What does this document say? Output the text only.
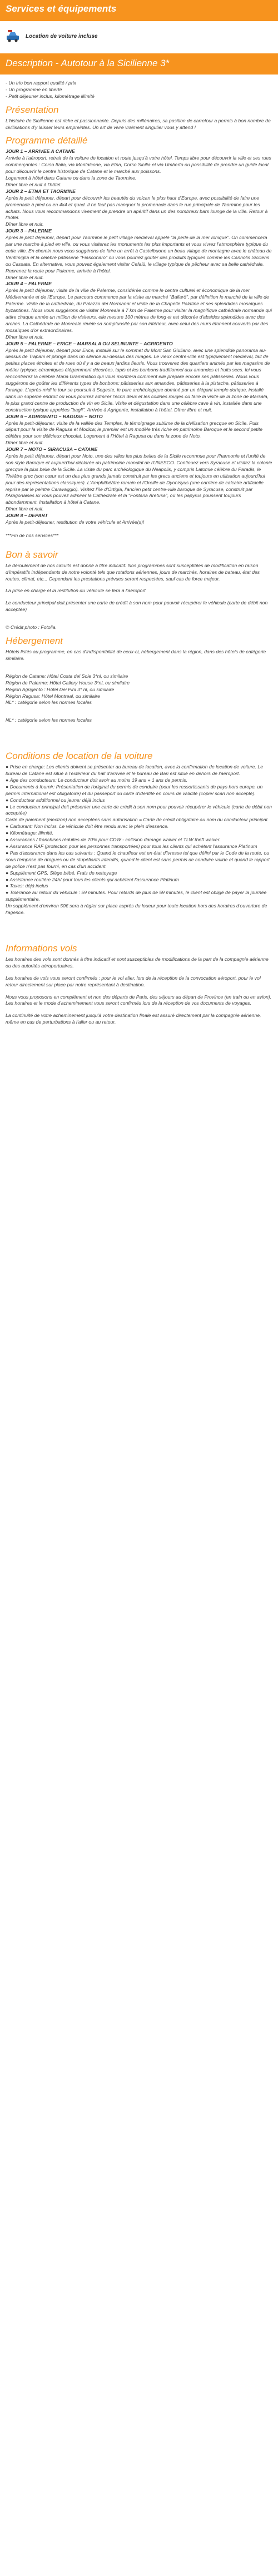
Services et équipements
Location de voiture incluse
Description - Autotour à la Sicilienne 3*

- Un trio bon rapport qualité / prix

- Un programme en liberté

- Petit déjeuner inclus, kilométrage illimité

Présentation

L'histoire de Sicilienne est riche et passionnante. Depuis des millénaires, sa position de carrefour a permis à bon nombre de civilisations d'y laisser leurs empreintes. Un art de vivre vraiment singulier vous y attend !

Programme détaillé

JOUR 1 – ARRIVEE A CATANE

Arrivée à l'aéroport, retrait de la voiture de location et route jusqu'à votre hôtel. Temps libre pour découvrir la ville et ses rues commerçantes : Corso Italia, via Montalcone, via Etna, Corso Sicilia et via Umberto ou possibilité de prendre un guide local pour découvrir le centre historique de Catane et le marché aux poissons.
Logement à hôtel dans Catane ou dans la zone de Taormine.
Dîner libre et nuit à l'hôtel.

JOUR 2 – ETNA ET TAORMINE

Après le petit déjeuner, départ pour découvrir les beautés du volcan le plus haut d'Europe, avec possibilité de faire une promenade à pied ou en 4x4 et quad. Il ne faut pas manquer la promenade dans le rue principale de Taormine pour les achats. Nous vous recommandons vivement de prendre un apéritif dans un des nombreux bars lounge de la ville. Retour à l'hôtel.
Dîner libre et nuit.

JOUR 3 – PALERME

Après le petit déjeuner, départ pour Taormine le petit village médiéval appelé "la perle de la mer Ionique". On commencera par une marche à pied en ville, ou vous visiterez les monuments les plus importants et vous vivrez l'atmosphère typique du cette ville. En chemin nous vous suggérons de faire un arrêt à Castelbuono un beau village de montagne avec le château de Ventimiglia et la célèbre pâtisserie "Fiasconaro" où vous pourrez goûter des produits typiques comme les Cannolis Siciliens ou Cassata. En alternative, vous pouvez également visiter Cefalù, le village typique de pêcheur avec sa belle cathédrale. Reprenez la route pour Palerme, arrivée à l'hôtel.
Dîner libre et nuit.

JOUR 4 – PALERME

Après le petit déjeuner, visite de la ville de Palerme, considérée comme le centre culturel et économique de la mer Méditerranée et de l'Europe. Le parcours commence par la visite au marché "Ballarò", par définition le marché de la ville de Palerme. Visite de la cathédrale, du Palazzo dei Normanni et visite de la Chapelle Palatine et ses splendides mosaïques byzantines. Nous vous suggérons de visiter Monreale à 7 km de Palerme pour visiter la magnifique cathédrale normande qui attire chaque année un million de visiteurs, elle mesure 100 mètres de long et est décorée d'absides splendides avec des arches. La Cathédrale de Monreale révèle sa somptuosité par son intérieur, avec celui des murs étonnent couverts par des mosaïques d'or extraordinaires.
Dîner libre et nuit.

JOUR 5 – PALERME – ERICE – MARSALA OU SELINUNTE – AGRIGENTO

Après le petit déjeuner, départ pour Erice, installé sur le sommet du Mont San Giuliano, avec une splendide panorama au-dessus de Trapani et plongé dans un silence au-dessus des nuages. Le vieux centre-ville est typiquement médiéval, fait de petites places étroites et de rues où il y a de beaux jardins fleuris. Vous trouverez des quartiers animés par les magasins de métier typique: céramiques élégamment décorées, tapis et les bonbons traditionnel aux amandes et fruits secs. Ici vous rencontrerez la célèbre Maria Grammatico qui vous montrera comment elle prépare encore ses pâtisseries. Nous vous suggérons de goûter les différents types de bonbons: pâtisseries aux amandes, pâtisseries à la pistache, pâtisseries à l'orange. L'après-midi le tour se poursuit à Segeste, le parc archéologique dominé par un élégant temple dorique, installé dans un superbe endroit où vous pourrez admirer l'écrin deux et les collines rouges où faire la visite de la zone de Marsala, le plus grand centre de production de vin en Sicile. Visite et dégustation dans une célèbre cave à vin, installée dans une construction typique appelées "bagli". Arrivée à Agrigente, installation à l'hôtel. Dîner libre et nuit.

JOUR 6 – AGRIGENTO – RAGUSE – NOTO

Après le petit-déjeuner, visite de la vallée des Temples, le témoignage sublime de la civilisation grecque en Sicile. Puis départ pour la visite de Ragusa et Modica; le premier est un modèle très riche en patrimoine Baroque et le second petite célèbre pour son délicieux chocolat. Logement à l'Hôtel à Ragusa ou dans la zone de Noto.
Dîner libre et nuit.

JOUR 7 – NOTO – SIRACUSA – CATANE

Après le petit déjeuner, départ pour Noto, une des villes les plus belles de la Sicile reconnnue pour l'harmonie et l'unité de son style Baroque et aujourd'hui déclarée du patrimoine mondial de l'UNESCO. Continuez vers Syracuse et visitez la colonie grecque la plus belle de la Sicile. La visite du parc archéologique du Neapolis, y compris Latomie célèbre du Paradis, le Théâtre grec (son cœur est un des plus grands jamais construit par les grecs anciens et toujours en utilisation aujourd'hui pour des représentations classiques). L'Amphithéâtre romain et l'Oreille de Dyonisyus (une carrière de calcaire artificielle reprise par le peintre Caravaggio). Visitez l'île d'Ortigia, l'ancien petit centre-ville baroque de Syracuse, construit par l'Aragonaises ici vous pouvez admirer la Cathédrale et la "Fontana Aretusa", où les papyrus poussent toujours abondamment. Installation à hôtel à Catane.
Dîner libre et nuit.

JOUR 8 – DEPART

Après le petit-déjeuner, restitution de votre véhicule et Arrivée(s)!

***Fin de nos services***

Bon à savoir

Le déroulement de nos circuits est donné à titre indicatif. Nos programmes sont susceptibles de modification en raison d'impératifs indépendants de notre volonté tels que rotations aériennes, jours de marchés, horaires de bateau, état des routes, climat, etc... Cependant les prestations prévues seront respectées, sauf cas de force majeur.

La prise en charge et la restitution du véhicule se fera à l'aéroport

Le conducteur principal doit présenter une carte de crédit à son nom pour pouvoir récupérer le véhicule (carte de débit non acceptée)

© Crédit photo : Fotolia.

Hébergement

Hôtels listés au programme, en cas d'indisponibilité de ceux-ci, hébergement dans la région, dans des hôtels de catégorie similaire.

Région de Catane: Hôtel Costa del Sole 3*nl, ou similaire

Région de Palerme: Hôtel Gallery House 3*nl, ou similaire

Région Agrigento : Hôtel Dei Pini 3* nl, ou similaire

Région Ragusa: Hôtel Montreal, ou similaire

NL* : catégorie selon les normes locales

NL* : catégorie selon les normes locales

Conditions de location de la voiture

● Prise en charge: Les clients doivent se présenter au bureau de location, avec la confirmation de location de voiture. Le bureau de Catane est situé à l'extérieur du hall d'arrivée et le bureau de Bari est situé en dehors de l'aéroport.

● Âge des conducteurs: Le conducteur doit avoir au moins 19 ans + 1 ans de permis.

● Documents à fournir: Présentation de l'original du permis de conduire (pour les ressortissants de pays hors europe, un permis international est obligatoire) et du passeport ou carte d'identité en cours de validité (copie/ scan non accepté).

● Conducteur additionnel ou jeune: déjà inclus

● Le conducteur principal doit présenter une carte de crédit à son nom pour pouvoir récupérer le véhicule (carte de débit non acceptée)

Carte de paiement (electron) non acceptées sans autorisation = Carte de crédit obligatoire au nom du conducteur principal.

● Carburant: Non inclus. Le véhicule doit être rendu avec le plein d'essence.

● Kilométrage: Illimité.

● Assurances / franchises réduites de 70% pour CDW - collision damage waiver et TLW theft waiver.

● Assurance RAF (protection pour les personnes transportées) pour tous les clients qui achètent l'assurance Platinum

● Pas d'assurance dans les cas suivants : Quand le chauffeur est en état d'ivresse tel que défini par le Code de la route, ou sous l'emprise de drogues ou de stupéfiants interdits, quand le client est sans permis de conduire valide et quand le rapport de police n'est pas fourni, en cas d'un accident.

● Supplément GPS, Siège bébé, Frais de nettoyage

● Assistance routière 24h/ pour tous les clients qui achètent l'assurance Platinum

● Taxes: déjà inclus

● Tolérance au retour du véhicule : 59 minutes. Pour retards de plus de 59 minutes, le client est obligé de payer la journée supplémentaire.

Un supplément d'environ 50€ sera à régler sur place auprès du loueur pour toute location hors des horaires d'ouverture de l'agence.

Informations vols

Les horaires des vols sont donnés à titre indicatif et sont susceptibles de modifications de la part de la compagnie aérienne ou des autorités aéroportuaires.

Les horaires de vols vous seront confirmés : pour le vol aller, lors de la réception de la convocation aéroport, pour le vol retour directement sur place par notre représentant à destination.

Nous vous proposons en complément et non des départs de Paris, des séjours au départ de Province (en train ou en avion). Les horaires et le mode d'acheminement vous seront confirmés lors de la réception de vos documents de voyages.

La continuité de votre acheminement jusqu'à votre destination finale est assuré directement par la compagnie aérienne, même en cas de perturbations à l'aller ou au retour.
